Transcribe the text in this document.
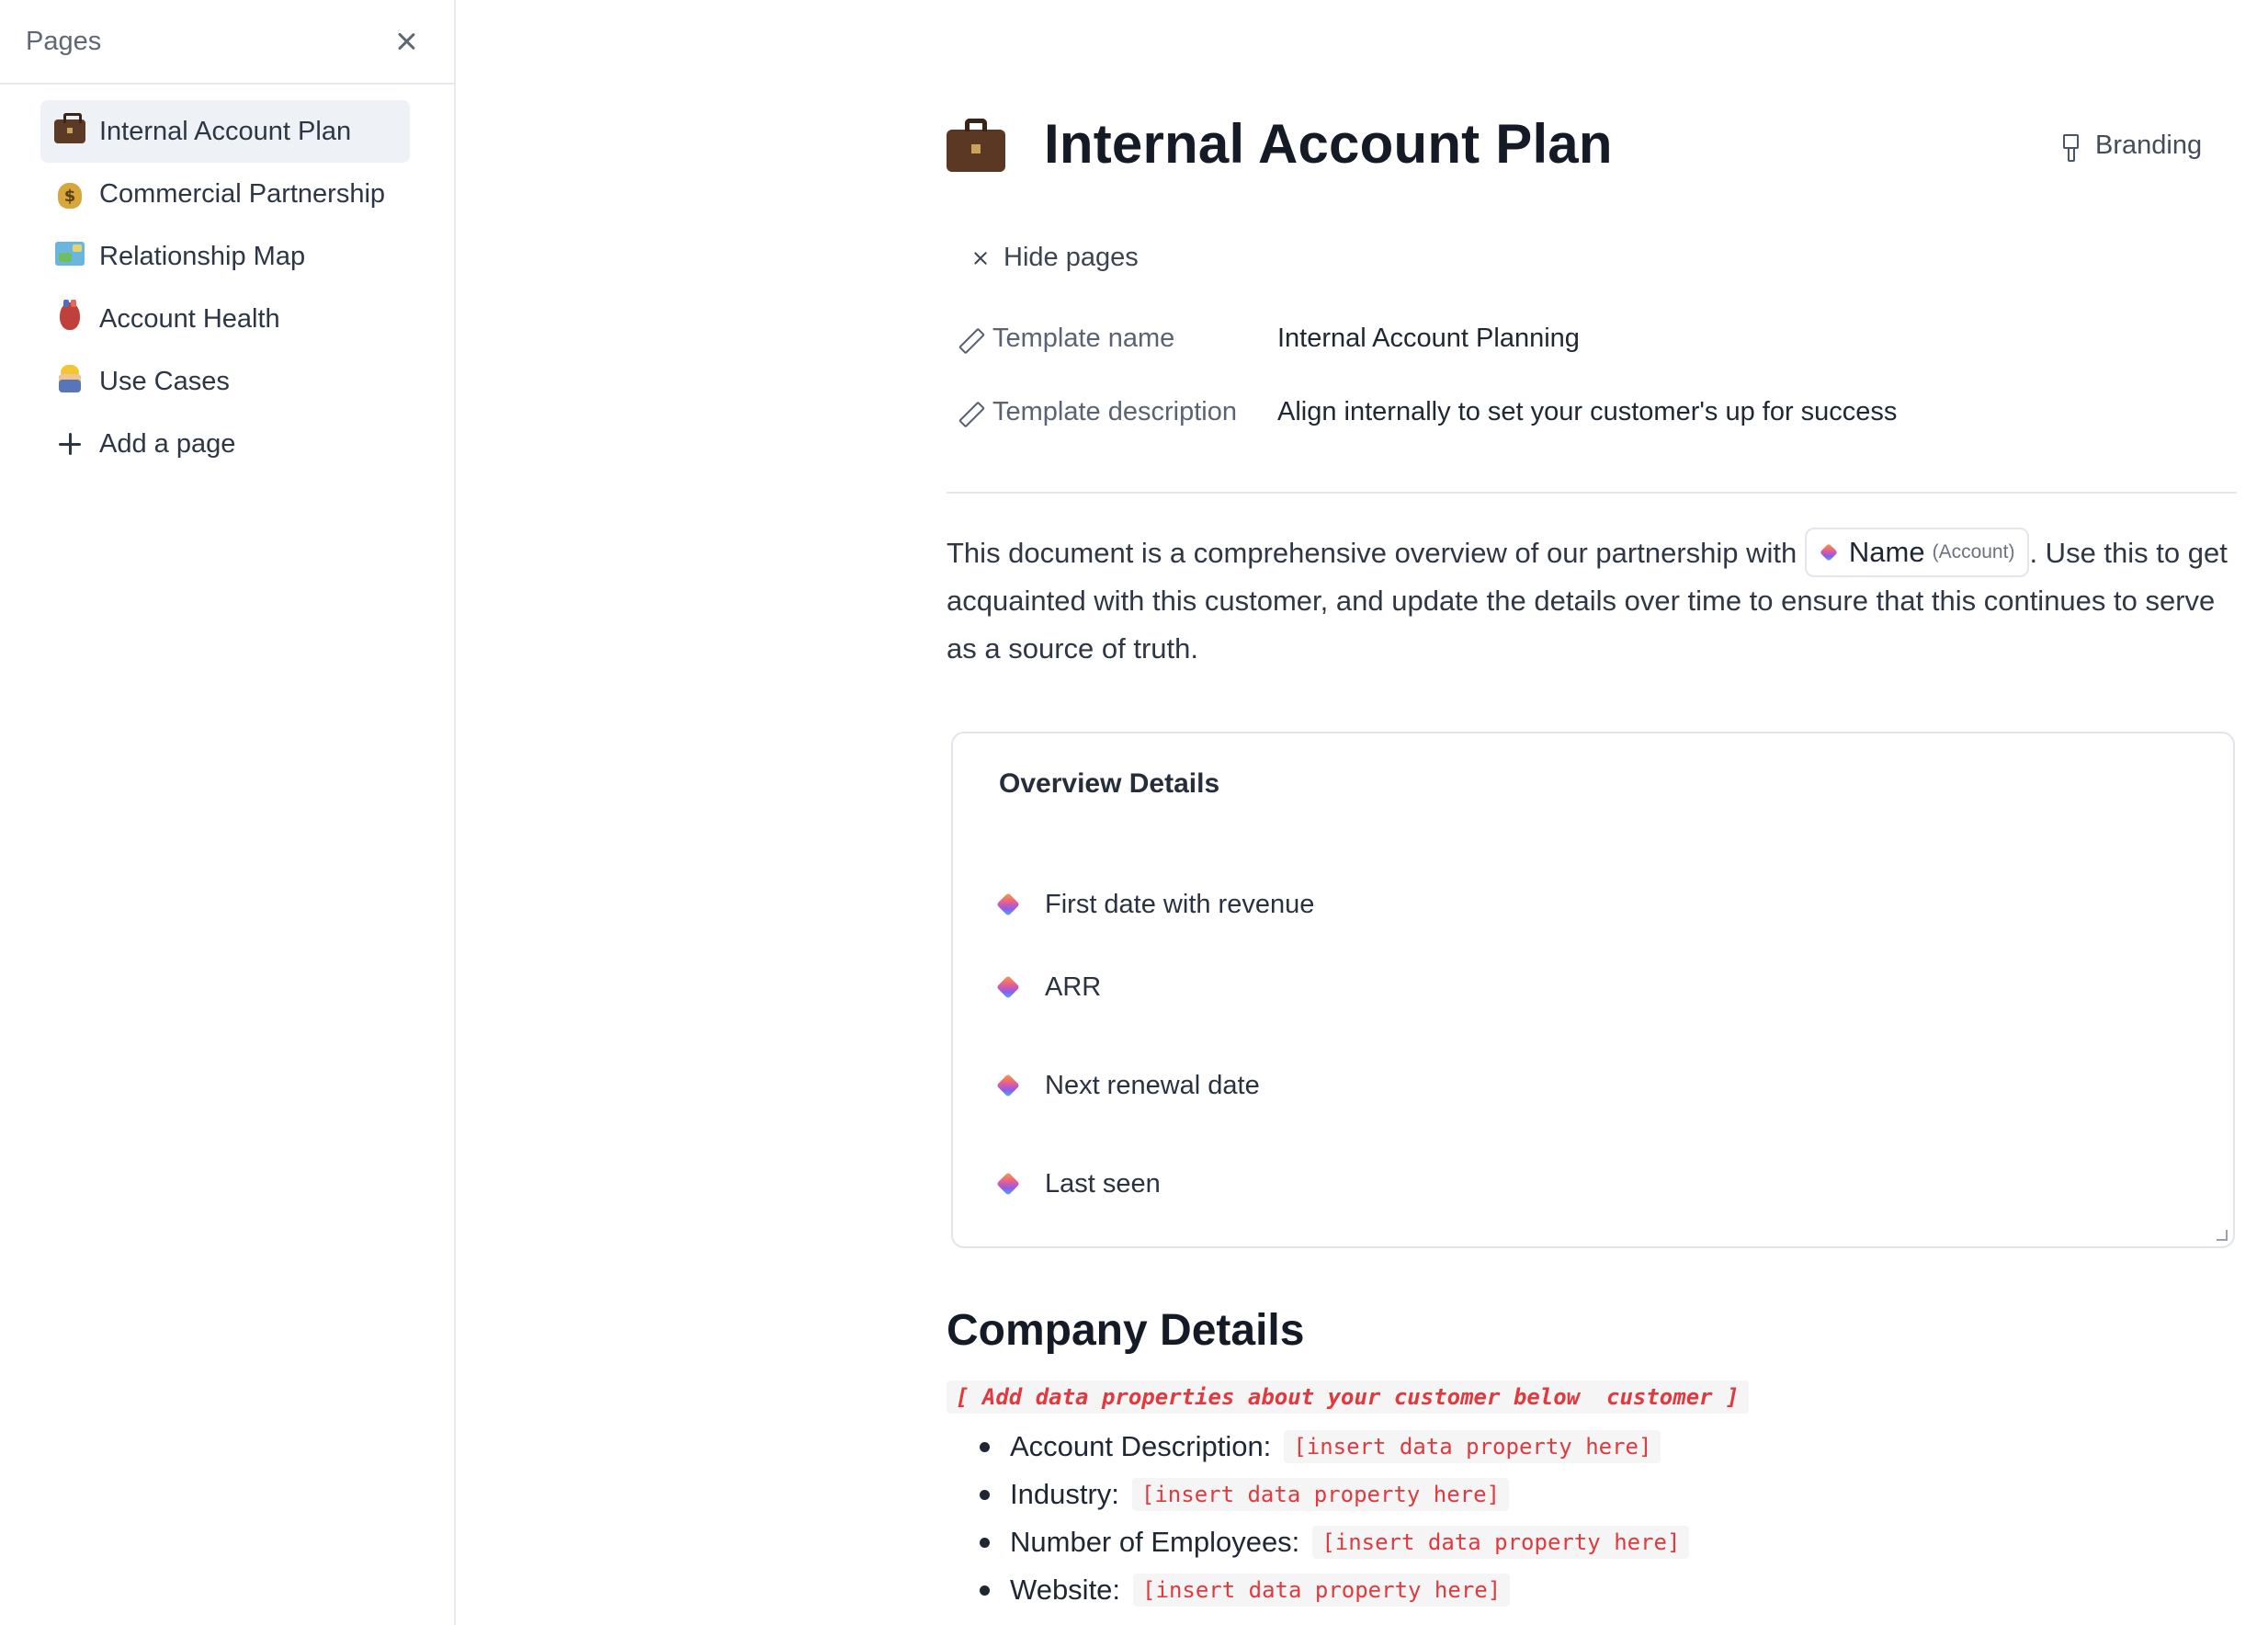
Pages
Internal Account Plan
$ Commercial Partnership
Relationship Map
Account Health
Use Cases
Add a page
Internal Account Plan	Branding
Hide pages
Template name	Internal Account Planning
Template description	Align internally to set your customer's up for success

This document is a comprehensive overview of our partnership with Name (Account) . Use this to get acquainted with this customer, and update the details over time to ensure that this continues to serve as a source of truth.

Overview Details
First date with revenue
ARR
Next renewal date
Last seen
Company Details
[ Add data properties about your customer below  customer ]
Account Description:	[insert data property here]
Industry:	[insert data property here]
Number of Employees:	[insert data property here]
Website:	[insert data property here]
